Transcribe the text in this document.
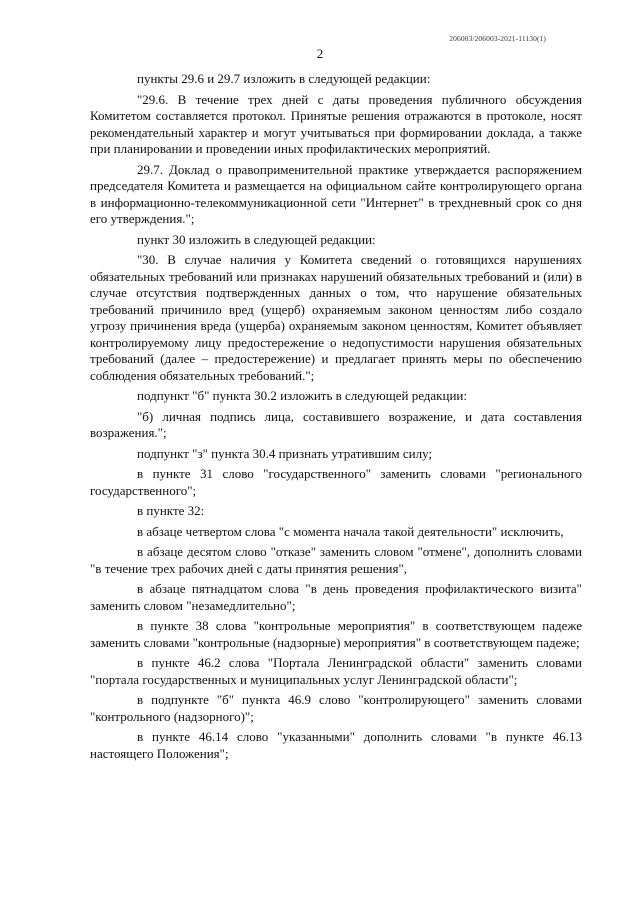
206003/206003-2021-11130(1)
2

пункты 29.6 и 29.7 изложить в следующей редакции:

"29.6. В течение трех дней с даты проведения публичного обсуждения Комитетом составляется протокол. Принятые решения отражаются в протоколе, носят рекомендательный характер и могут учитываться при формировании доклада, а также при планировании и проведении иных профилактических мероприятий.

29.7. Доклад о правоприменительной практике утверждается распоряжением председателя Комитета и размещается на официальном сайте контролирующего органа в информационно-телекоммуникационной сети "Интернет" в трехдневный срок со дня его утверждения.";

пункт 30 изложить в следующей редакции:

"30. В случае наличия у Комитета сведений о готовящихся нарушениях обязательных требований или признаках нарушений обязательных требований и (или) в случае отсутствия подтвержденных данных о том, что нарушение обязательных требований причинило вред (ущерб) охраняемым законом ценностям либо создало угрозу причинения вреда (ущерба) охраняемым законом ценностям, Комитет объявляет контролируемому лицу предостережение о недопустимости нарушения обязательных требований (далее – предостережение) и предлагает принять меры по обеспечению соблюдения обязательных требований.";

подпункт "б" пункта 30.2 изложить в следующей редакции:

"б) личная подпись лица, составившего возражение, и дата составления возражения.";

подпункт "з" пункта 30.4 признать утратившим силу;

в пункте 31 слово "государственного" заменить словами "регионального государственного";

в пункте 32:

в абзаце четвертом слова "с момента начала такой деятельности" исключить,

в абзаце десятом слово "отказе" заменить словом "отмене", дополнить словами "в течение трех рабочих дней с даты принятия решения",

в абзаце пятнадцатом слова "в день проведения профилактического визита" заменить словом "незамедлительно";

в пункте 38 слова "контрольные мероприятия" в соответствующем падеже заменить словами "контрольные (надзорные) мероприятия" в соответствующем падеже;

в пункте 46.2 слова "Портала Ленинградской области" заменить словами "портала государственных и муниципальных услуг Ленинградской области";

в подпункте "б" пункта 46.9 слово "контролирующего" заменить словами "контрольного (надзорного)";

в пункте 46.14 слово "указанными" дополнить словами "в пункте 46.13 настоящего Положения";
